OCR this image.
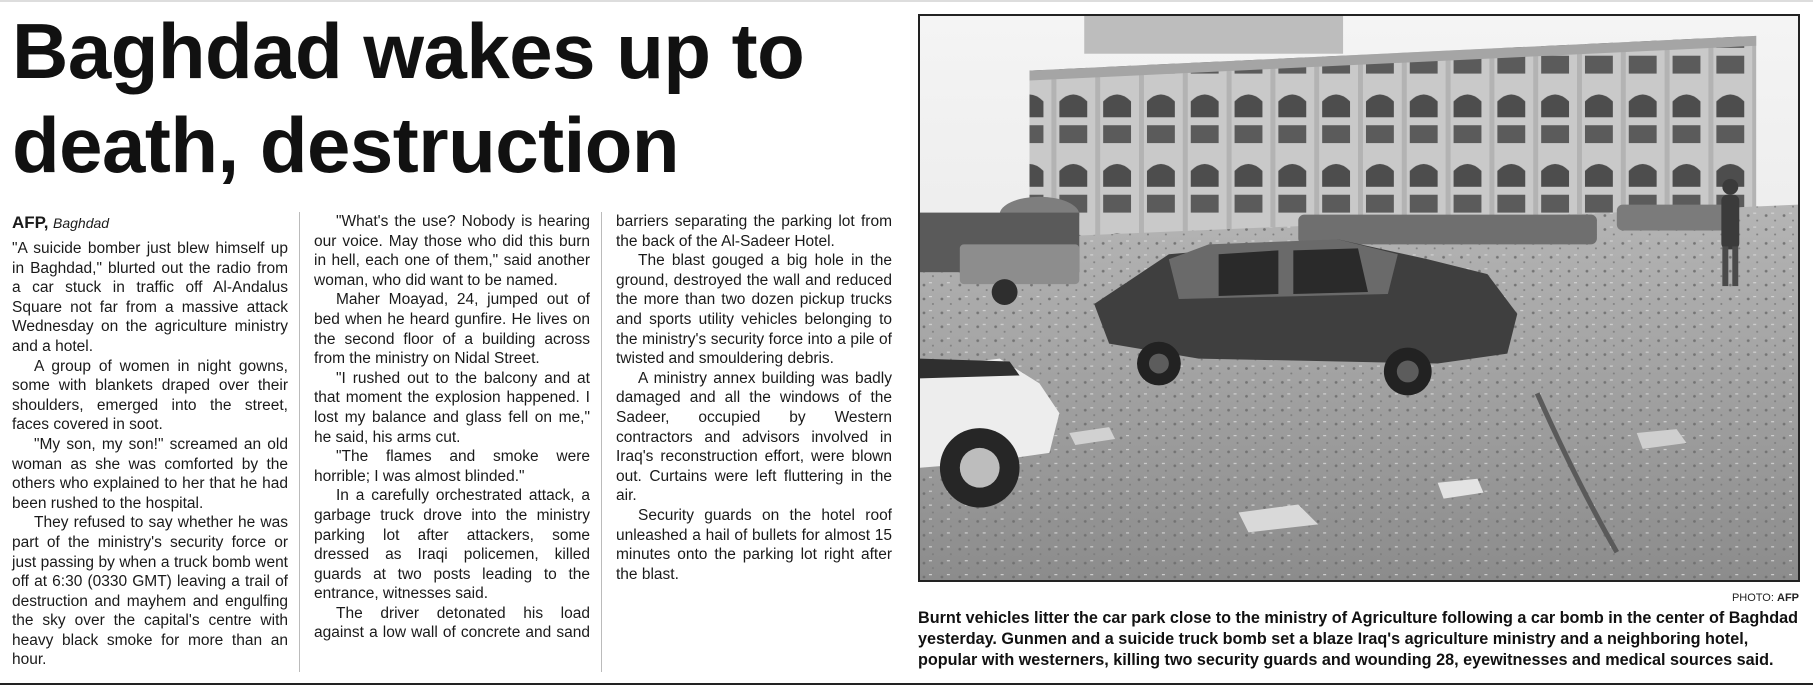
Baghdad wakes up to death, destruction
AFP, Baghdad

"A suicide bomber just blew himself up in Baghdad," blurted out the radio from a car stuck in traffic off Al-Andalus Square not far from a massive attack Wednesday on the agriculture ministry and a hotel.

A group of women in night gowns, some with blankets draped over their shoulders, emerged into the street, faces covered in soot.

"My son, my son!" screamed an old woman as she was comforted by the others who explained to her that he had been rushed to the hospital.

They refused to say whether he was part of the ministry's security force or just passing by when a truck bomb went off at 6:30 (0330 GMT) leaving a trail of destruction and mayhem and engulfing the sky over the capital's centre with heavy black smoke for more than an hour.

"What's the use? Nobody is hearing our voice. May those who did this burn in hell, each one of them," said another woman, who did want to be named.

Maher Moayad, 24, jumped out of bed when he heard gunfire. He lives on the second floor of a building across from the ministry on Nidal Street.

"I rushed out to the balcony and at that moment the explosion happened. I lost my balance and glass fell on me," he said, his arms cut.

"The flames and smoke were horrible; I was almost blinded."

In a carefully orchestrated attack, a garbage truck drove into the ministry parking lot after attackers, some dressed as Iraqi policemen, killed guards at two posts leading to the entrance, witnesses said.

The driver detonated his load against a low wall of concrete and sand barriers separating the parking lot from the back of the Al-Sadeer Hotel.

The blast gouged a big hole in the ground, destroyed the wall and reduced the more than two dozen pickup trucks and sports utility vehicles belonging to the ministry's security force into a pile of twisted and smouldering debris.

A ministry annex building was badly damaged and all the windows of the Sadeer, occupied by Western contractors and advisors involved in Iraq's reconstruction effort, were blown out. Curtains were left fluttering in the air.

Security guards on the hotel roof unleashed a hail of bullets for almost 15 minutes onto the parking lot right after the blast.

PHOTO: AFP

Burnt vehicles litter the car park close to the ministry of Agriculture following a car bomb in the center of Baghdad yesterday. Gunmen and a suicide truck bomb set a blaze Iraq's agriculture ministry and a neighboring hotel, popular with westerners, killing two security guards and wounding 28, eyewitnesses and medical sources said.
